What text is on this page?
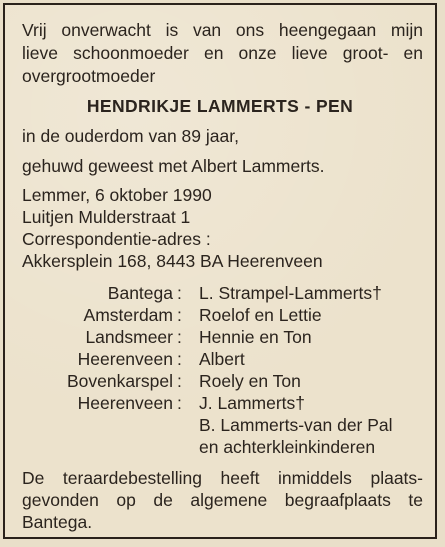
Vrij onverwacht is van ons heengegaan mijn
lieve schoonmoeder en onze lieve groot- en
overgrootmoeder
HENDRIKJE LAMMERTS - PEN
in de ouderdom van 89 jaar,
gehuwd geweest met Albert Lammerts.
Lemmer, 6 oktober 1990
Luitjen Mulderstraat 1
Correspondentie-adres :
Akkersplein 168, 8443 BA Heerenveen
Bantega : L. Strampel-Lammerts†
Amsterdam : Roelof en Lettie
Landsmeer : Hennie en Ton
Heerenveen : Albert
Bovenkarspel : Roely en Ton
Heerenveen : J. Lammerts†
B. Lammerts-van der Pal
en achterkleinkinderen
De teraardebestelling heeft inmiddels plaats-
gevonden op de algemene begraafplaats te
Bantega.
